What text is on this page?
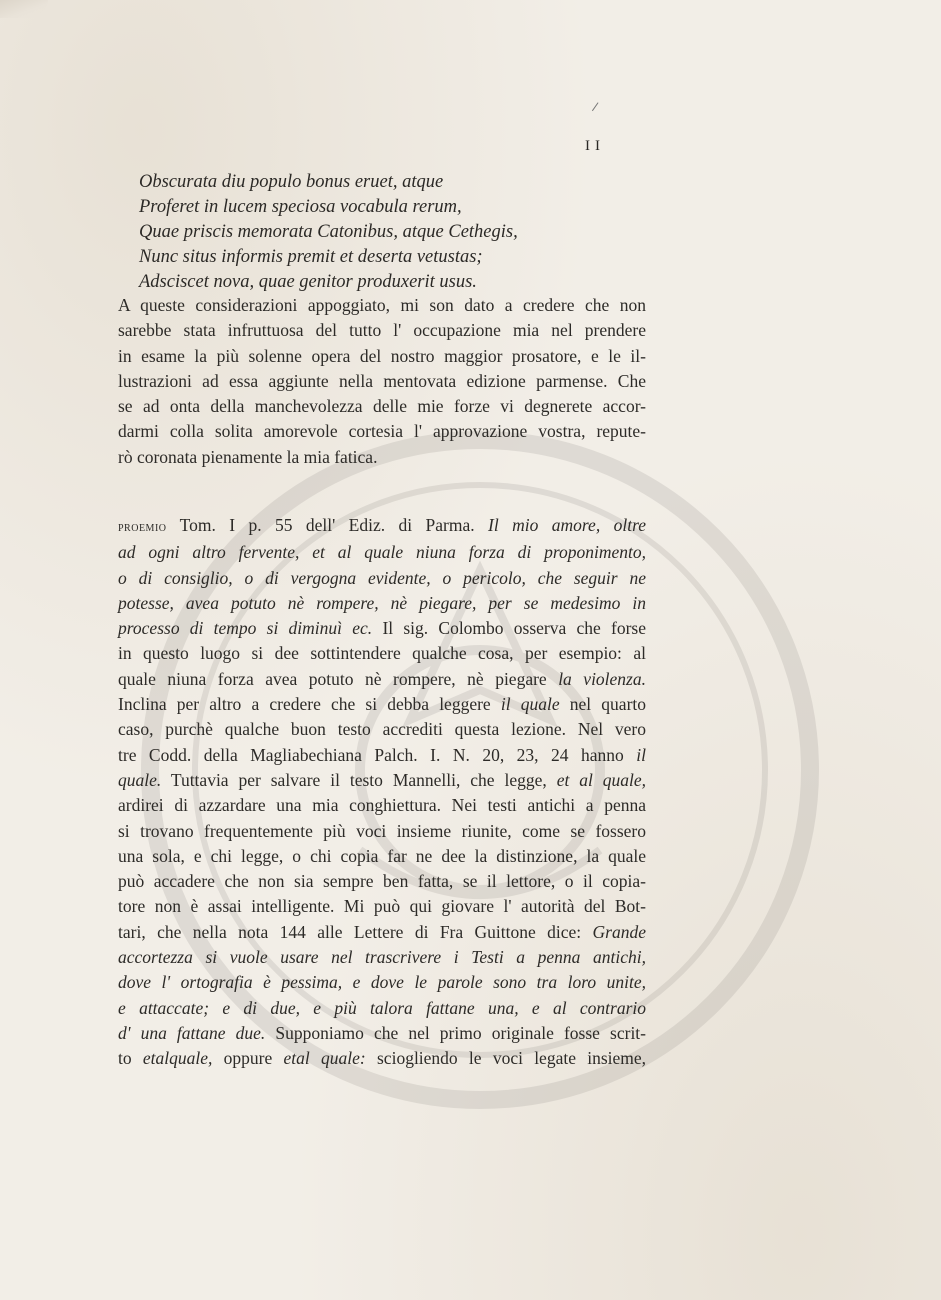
II
Obscurata diu populo bonus eruet, atque
Proferet in lucem speciosa vocabula rerum,
Quae priscis memorata Catonibus, atque Cethegis,
Nunc situs informis premit et deserta vetustas;
Adsciscet nova, quae genitor produxerit usus.
A queste considerazioni appoggiato, mi son dato a credere che non
sarebbe stata infruttuosa del tutto l' occupazione mia nel prendere
in esame la più solenne opera del nostro maggior prosatore, e le il-
lustrazioni ad essa aggiunte nella mentovata edizione parmense. Che
se ad onta della manchevolezza delle mie forze vi degnerete accor-
darmi colla solita amorevole cortesia l' approvazione vostra, repute-
rò coronata pienamente la mia fatica.
proemio Tom. I p. 55 dell' Ediz. di Parma. Il mio amore, oltre
ad ogni altro fervente, et al quale niuna forza di proponimento,
o di consiglio, o di vergogna evidente, o pericolo, che seguir ne
potesse, avea potuto nè rompere, nè piegare, per se medesimo in
processo di tempo si diminuì ec. Il sig. Colombo osserva che forse
in questo luogo si dee sottintendere qualche cosa, per esempio: al
quale niuna forza avea potuto nè rompere, nè piegare la violenza.
Inclina per altro a credere che si debba leggere il quale nel quarto
caso, purchè qualche buon testo accrediti questa lezione. Nel vero
tre Codd. della Magliabechiana Palch. I. N. 20, 23, 24 hanno il
quale. Tuttavia per salvare il testo Mannelli, che legge, et al quale,
ardirei di azzardare una mia conghiettura. Nei testi antichi a penna
si trovano frequentemente più voci insieme riunite, come se fossero
una sola, e chi legge, o chi copia far ne dee la distinzione, la quale
può accadere che non sia sempre ben fatta, se il lettore, o il copia-
tore non è assai intelligente. Mi può qui giovare l' autorità del Bot-
tari, che nella nota 144 alle Lettere di Fra Guittone dice: Grande
accortezza si vuole usare nel trascrivere i Testi a penna antichi,
dove l' ortografia è pessima, e dove le parole sono tra loro unite,
e attaccate; e di due, e più talora fattane una, e al contrario
d' una fattane due. Supponiamo che nel primo originale fosse scrit-
to etalquale, oppure etal quale: sciogliendo le voci legate insieme,
